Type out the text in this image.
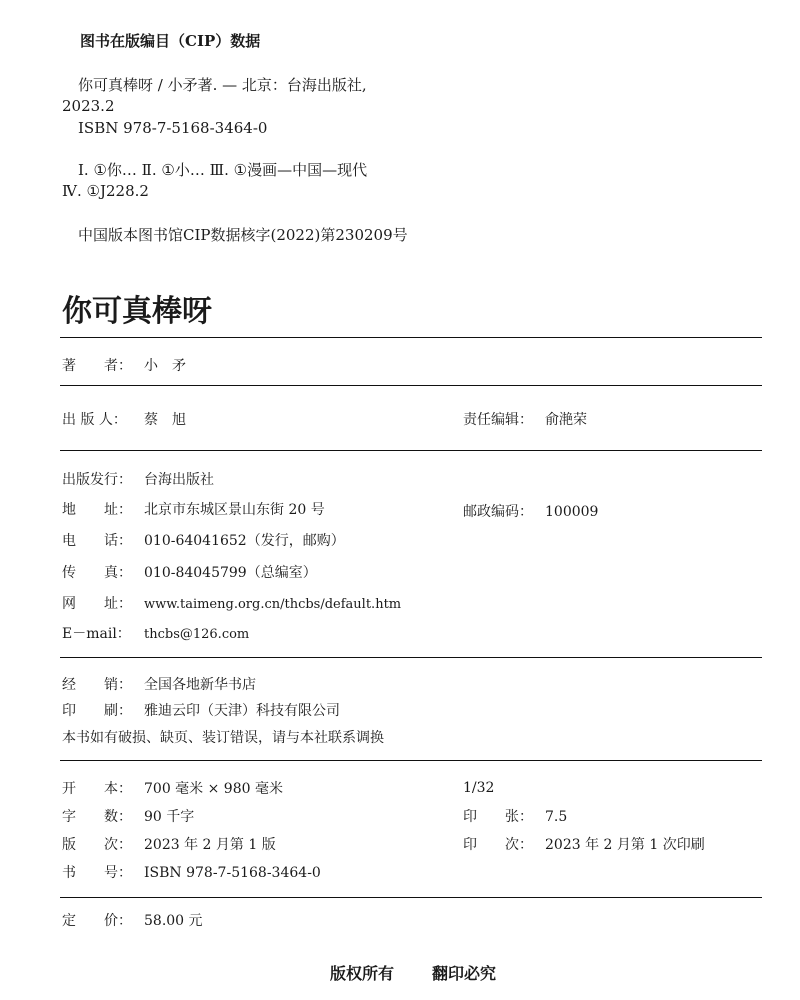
图书在版编目（CIP）数据
你可真棒呀 / 小矛著. — 北京：台海出版社,
2023.2
ISBN 978-7-5168-3464-0
Ⅰ. ①你… Ⅱ. ①小… Ⅲ. ①漫画—中国—现代
Ⅳ. ①J228.2
中国版本图书馆CIP数据核字(2022)第230209号
你可真棒呀
著　　者： 小　矛
出 版 人： 蔡　旭	责任编辑： 俞滟荣
出版发行： 台海出版社
地　　址： 北京市东城区景山东街 20 号	邮政编码： 100009
电　　话： 010-64041652（发行，邮购）
传　　真： 010-84045799（总编室）
网　　址： www.taimeng.org.cn/thcbs/default.htm
E－mail： thcbs@126.com
经　　销： 全国各地新华书店
印　　刷： 雅迪云印（天津）科技有限公司
本书如有破损、缺页、装订错误，请与本社联系调换
开　　本： 700 毫米 × 980 毫米	1/32
字　　数： 90 千字	印　　张： 7.5
版　　次： 2023 年 2 月第 1 版	印　　次： 2023 年 2 月第 1 次印刷
书　　号： ISBN 978-7-5168-3464-0
定　　价： 58.00 元
版权所有 翻印必究
